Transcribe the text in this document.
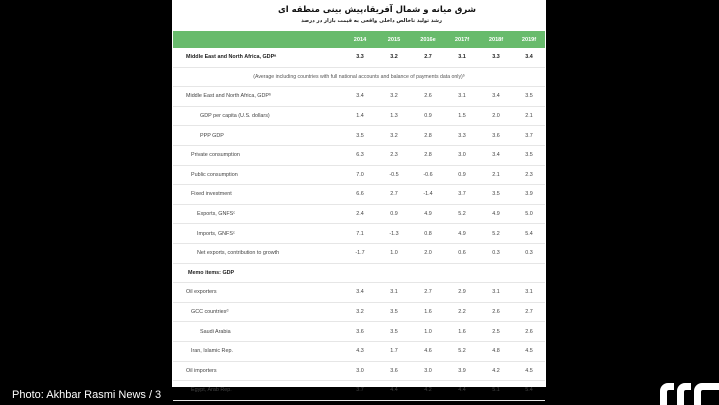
شرق میانه و شمال آفریقا،پیش بینی منطقه ای
رشد تولید ناخالص داخلی واقعی به قیمت بازار در درصد
	2014	2015	2016e	2017f	2018f	2019f
Middle East and North Africa, GDPᵃ	3.3	3.2	2.7	3.1	3.3	3.4
(Average including countries with full national accounts and balance of payments data only)ᵇ						
Middle East and North Africa, GDPᵇ	3.4	3.2	2.6	3.1	3.4	3.5
GDP per capita (U.S. dollars)	1.4	1.3	0.9	1.5	2.0	2.1
PPP GDP	3.5	3.2	2.8	3.3	3.6	3.7
Private consumption	6.3	2.3	2.8	3.0	3.4	3.5
Public consumption	7.0	-0.5	-0.6	0.9	2.1	2.3
Fixed investment	6.6	2.7	-1.4	3.7	3.5	3.9
Exports, GNFSᶜ	2.4	0.9	4.9	5.2	4.9	5.0
Imports, GNFSᶜ	7.1	-1.3	0.8	4.9	5.2	5.4
Net exports, contribution to growth	-1.7	1.0	2.0	0.6	0.3	0.3
Memo items: GDP						
Oil exporters	3.4	3.1	2.7	2.9	3.1	3.1
GCC countriesᵈ	3.2	3.5	1.6	2.2	2.6	2.7
Saudi Arabia	3.6	3.5	1.0	1.6	2.5	2.6
Iran, Islamic Rep.	4.3	1.7	4.6	5.2	4.8	4.5
Oil importers	3.0	3.6	3.0	3.9	4.2	4.5
Egypt, Arab Rep.	3.7	4.4	4.2	4.4	5.1	5.4
Photo: Akhbar Rasmi News / 3
